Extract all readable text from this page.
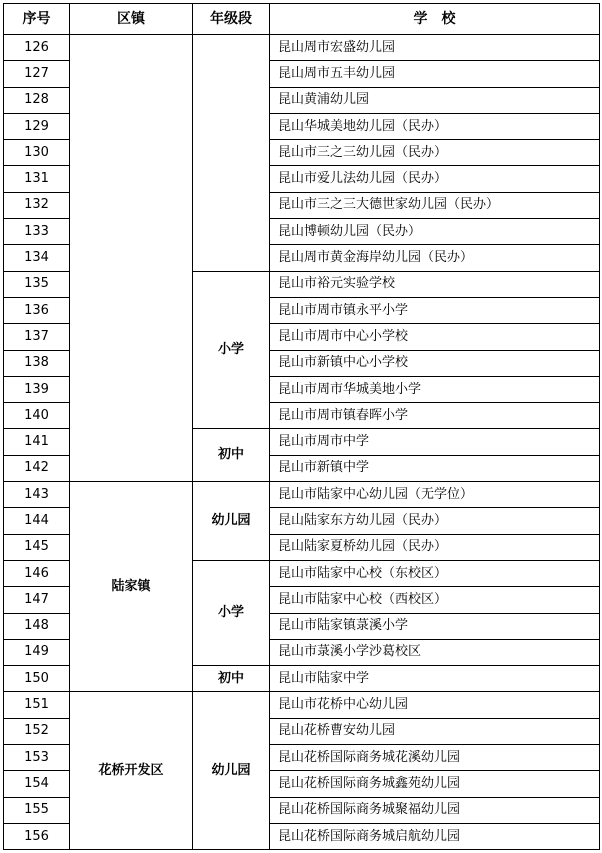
序号	区镇	年级段	学　校
126			昆山周市宏盛幼儿园
127			昆山周市五丰幼儿园
128			昆山黄浦幼儿园
129			昆山华城美地幼儿园（民办）
130			昆山市三之三幼儿园（民办）
131			昆山市爱儿法幼儿园（民办）
132			昆山市三之三大德世家幼儿园（民办）
133			昆山博顿幼儿园（民办）
134			昆山周市黄金海岸幼儿园（民办）
135		小学	昆山市裕元实验学校
136			昆山市周市镇永平小学
137			昆山市周市中心小学校
138			昆山市新镇中心小学校
139			昆山市周市华城美地小学
140			昆山市周市镇春晖小学
141		初中	昆山市周市中学
142			昆山市新镇中学
143	陆家镇	幼儿园	昆山市陆家中心幼儿园（无学位）
144			昆山陆家东方幼儿园（民办）
145			昆山陆家夏桥幼儿园（民办）
146		小学	昆山市陆家中心校（东校区）
147			昆山市陆家中心校（西校区）
148			昆山市陆家镇菉溪小学
149			昆山市菉溪小学沙葛校区
150		初中	昆山市陆家中学
151	花桥开发区	幼儿园	昆山市花桥中心幼儿园
152			昆山花桥曹安幼儿园
153			昆山花桥国际商务城花溪幼儿园
154			昆山花桥国际商务城鑫苑幼儿园
155			昆山花桥国际商务城聚福幼儿园
156			昆山花桥国际商务城启航幼儿园
